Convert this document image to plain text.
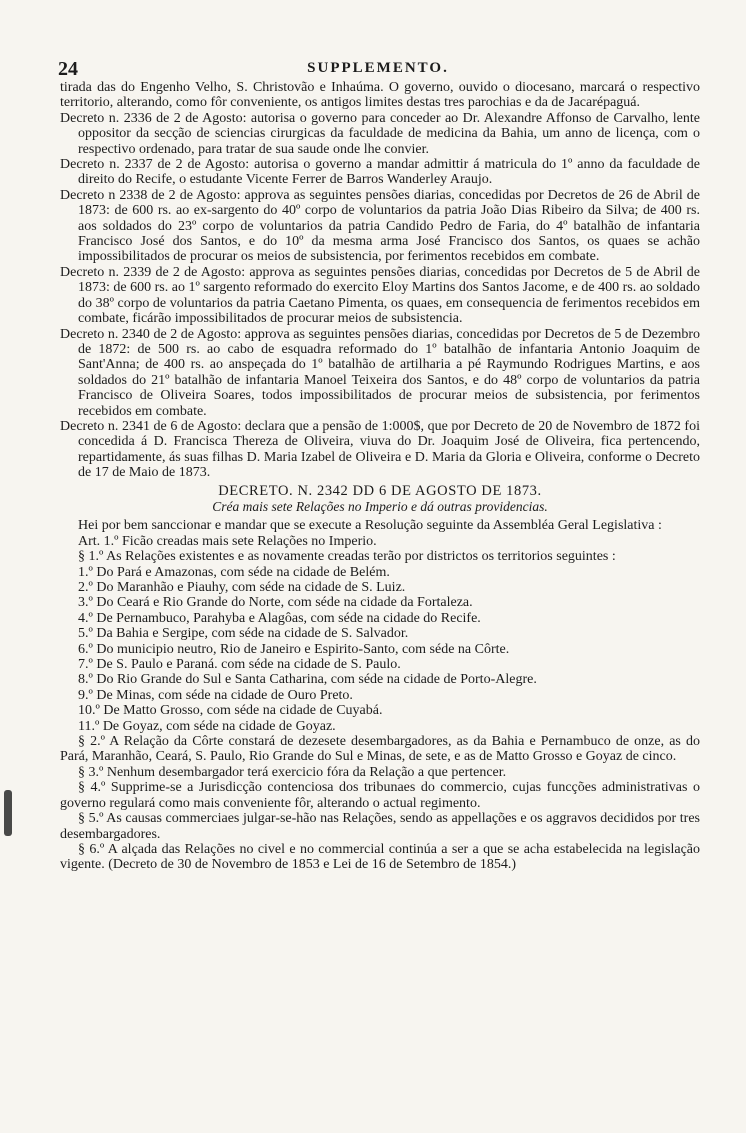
24	SUPPLEMENTO.

tirada das do Engenho Velho, S. Christovão e Inhaúma. O governo, ouvido o diocesano, marcará o respectivo territorio, alterando, como fôr conveniente, os antigos limites destas tres parochias e da de Jacarépaguá.

Decreto n. 2336 de 2 de Agosto: autorisa o governo para conceder ao Dr. Alexandre Affonso de Carvalho, lente oppositor da secção de sciencias cirurgicas da faculdade de medicina da Bahia, um anno de licença, com o respectivo ordenado, para tratar de sua saude onde lhe convier.

Decreto n. 2337 de 2 de Agosto: autorisa o governo a mandar admittir á matricula do 1º anno da faculdade de direito do Recife, o estudante Vicente Ferrer de Barros Wanderley Araujo.

Decreto n 2338 de 2 de Agosto: approva as seguintes pensões diarias, concedidas por Decretos de 26 de Abril de 1873: de 600 rs. ao ex-sargento do 40º corpo de voluntarios da patria João Dias Ribeiro da Silva; de 400 rs. aos soldados do 23º corpo de voluntarios da patria Candido Pedro de Faria, do 4º batalhão de infantaria Francisco José dos Santos, e do 10º da mesma arma José Francisco dos Santos, os quaes se achão impossibilitados de procurar os meios de subsistencia, por ferimentos recebidos em combate.

Decreto n. 2339 de 2 de Agosto: approva as seguintes pensões diarias, concedidas por Decretos de 5 de Abril de 1873: de 600 rs. ao 1º sargento reformado do exercito Eloy Martins dos Santos Jacome, e de 400 rs. ao soldado do 38º corpo de voluntarios da patria Caetano Pimenta, os quaes, em consequencia de ferimentos recebidos em combate, ficárão impossibilitados de procurar meios de subsistencia.

Decreto n. 2340 de 2 de Agosto: approva as seguintes pensões diarias, concedidas por Decretos de 5 de Dezembro de 1872: de 500 rs. ao cabo de esquadra reformado do 1º batalhão de infantaria Antonio Joaquim de Sant'Anna; de 400 rs. ao anspeçada do 1º batalhão de artilharia a pé Raymundo Rodrigues Martins, e aos soldados do 21º batalhão de infantaria Manoel Teixeira dos Santos, e do 48º corpo de voluntarios da patria Francisco de Oliveira Soares, todos impossibilitados de procurar meios de subsistencia, por ferimentos recebidos em combate.

Decreto n. 2341 de 6 de Agosto: declara que a pensão de 1:000$, que por Decreto de 20 de Novembro de 1872 foi concedida á D. Francisca Thereza de Oliveira, viuva do Dr. Joaquim José de Oliveira, fica pertencendo, repartidamente, ás suas filhas D. Maria Izabel de Oliveira e D. Maria da Gloria e Oliveira, conforme o Decreto de 17 de Maio de 1873.

DECRETO. N. 2342 DD 6 DE AGOSTO DE 1873.

Créa mais sete Relações no Imperio e dá outras providencias.

Hei por bem sanccionar e mandar que se execute a Resolução seguinte da Assembléa Geral Legislativa :

Art. 1.º Ficão creadas mais sete Relações no Imperio.

§ 1.º As Relações existentes e as novamente creadas terão por districtos os territorios seguintes :

1.º Do Pará e Amazonas, com séde na cidade de Belém.

2.º Do Maranhão e Piauhy, com séde na cidade de S. Luiz.

3.º Do Ceará e Rio Grande do Norte, com séde na cidade da Fortaleza.

4.º De Pernambuco, Parahyba e Alagôas, com séde na cidade do Recife.

5.º Da Bahia e Sergipe, com séde na cidade de S. Salvador.

6.º Do municipio neutro, Rio de Janeiro e Espirito-Santo, com séde na Côrte.

7.º De S. Paulo e Paraná. com séde na cidade de S. Paulo.

8.º Do Rio Grande do Sul e Santa Catharina, com séde na cidade de Porto-Alegre.

9.º De Minas, com séde na cidade de Ouro Preto.

10.º De Matto Grosso, com séde na cidade de Cuyabá.

11.º De Goyaz, com séde na cidade de Goyaz.

§ 2.º A Relação da Côrte constará de dezesete desembargadores, as da Bahia e Pernambuco de onze, as do Pará, Maranhão, Ceará, S. Paulo, Rio Grande do Sul e Minas, de sete, e as de Matto Grosso e Goyaz de cinco.

§ 3.º Nenhum desembargador terá exercicio fóra da Relação a que pertencer.

§ 4.º Supprime-se a Jurisdicção contenciosa dos tribunaes do commercio, cujas funcções administrativas o governo regulará como mais conveniente fôr, alterando o actual regimento.

§ 5.º As causas commerciaes julgar-se-hão nas Relações, sendo as appellações e os aggravos decididos por tres desembargadores.

§ 6.º A alçada das Relações no civel e no commercial continúa a ser a que se acha estabelecida na legislação vigente. (Decreto de 30 de Novembro de 1853 e Lei de 16 de Setembro de 1854.)
